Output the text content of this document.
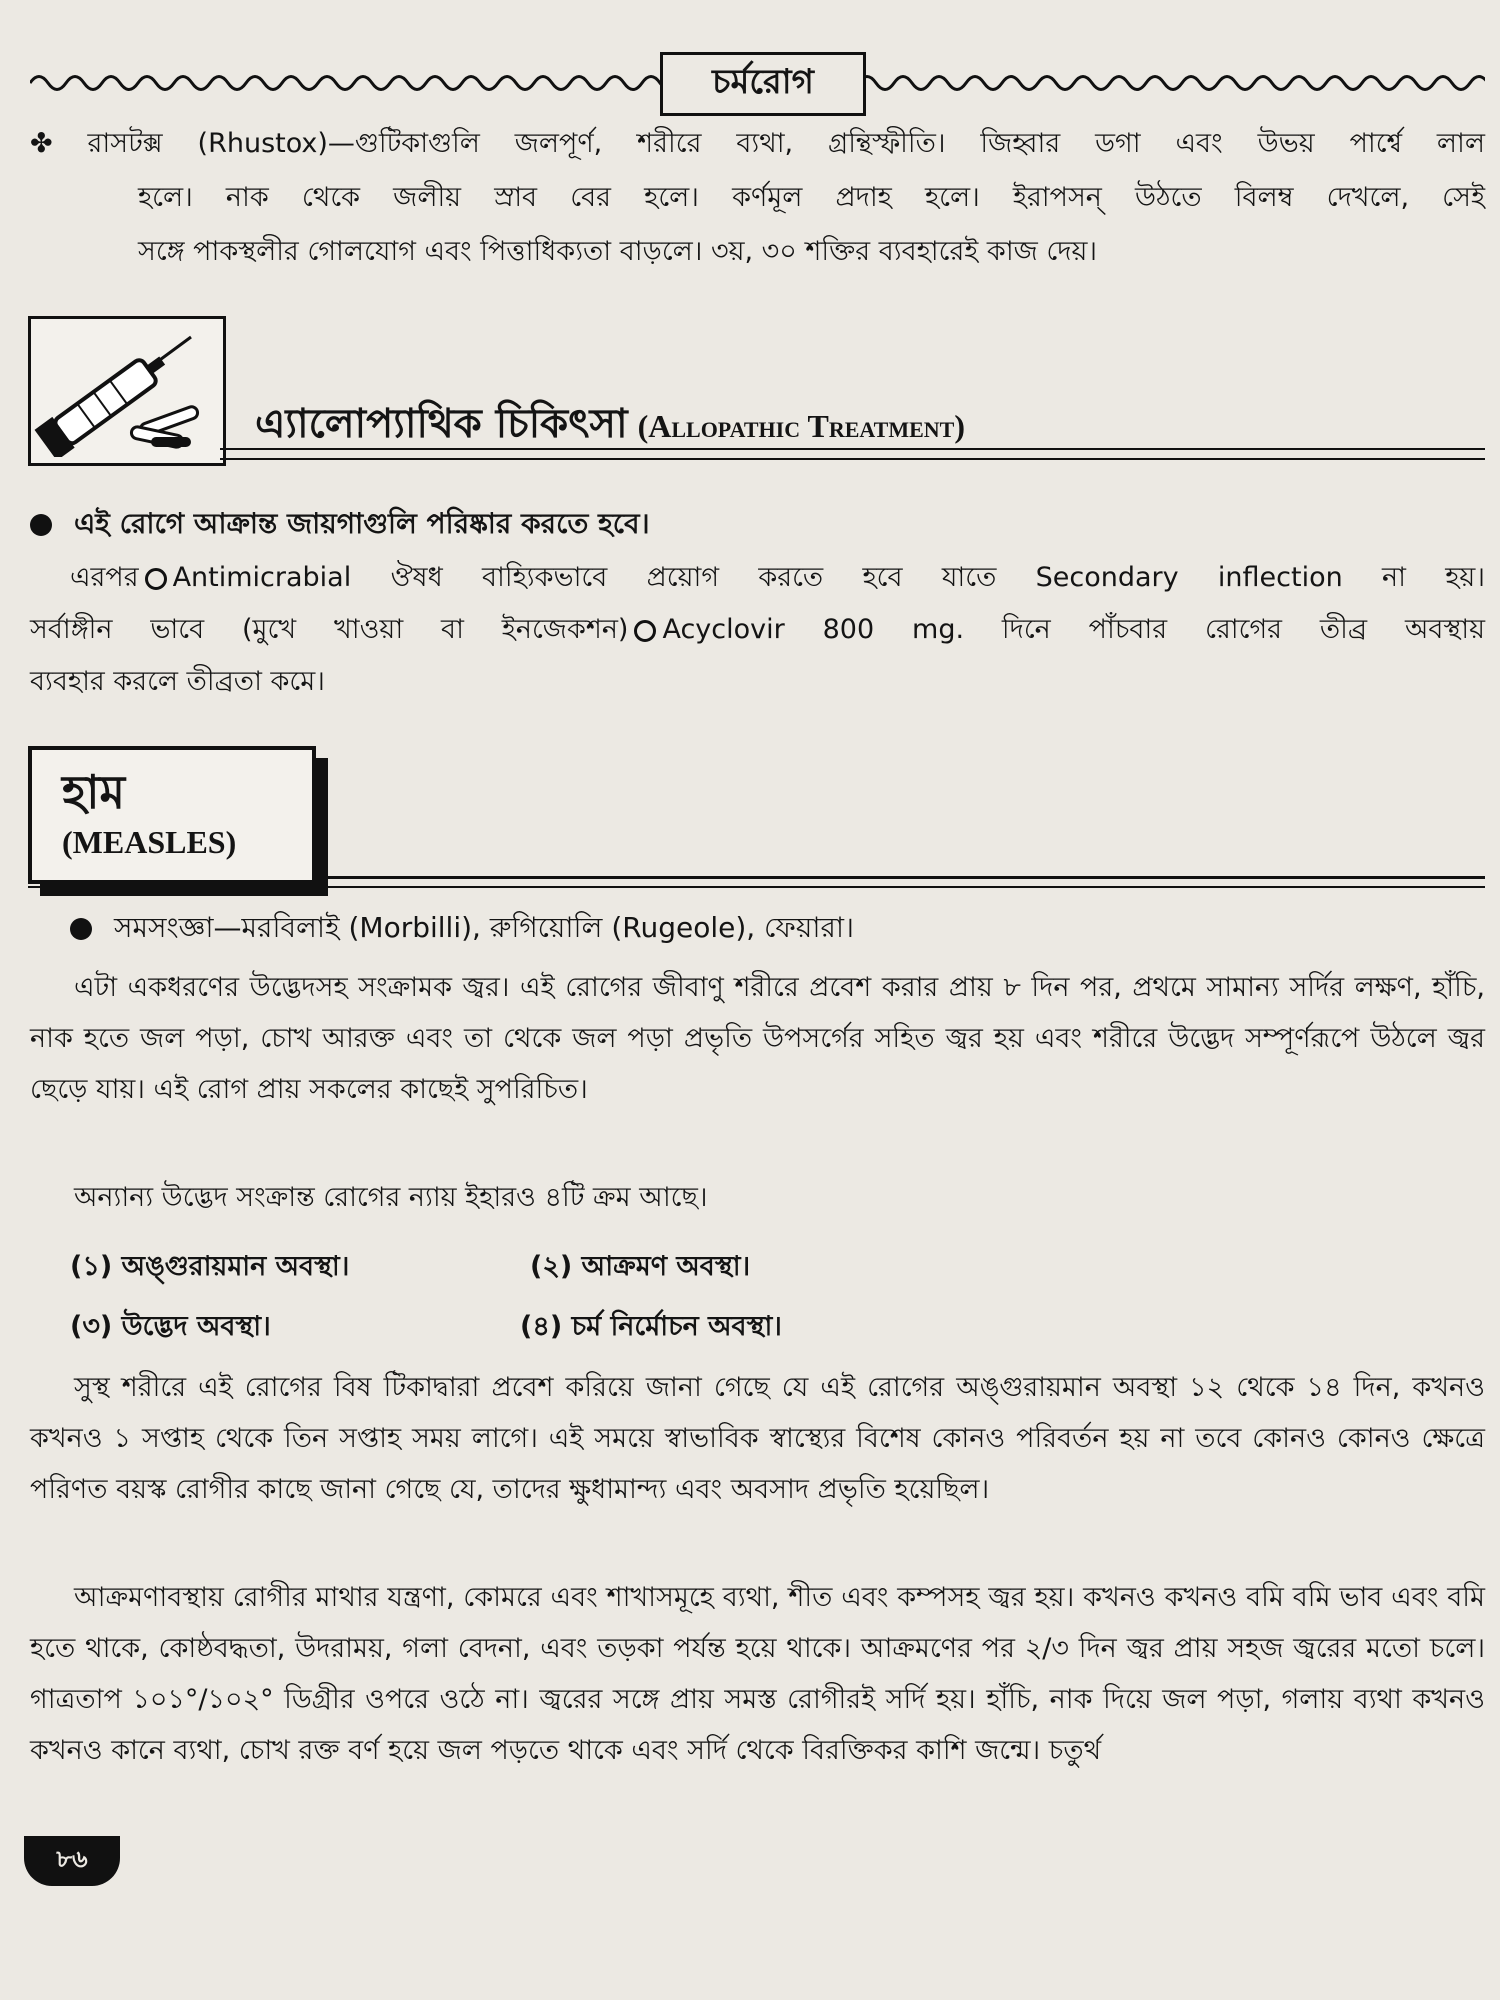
চর্মরোগ
✤ রাসটক্স (Rhustox)—গুটিকাগুলি জলপূর্ণ, শরীরে ব্যথা, গ্রন্থিস্ফীতি। জিহ্বার ডগা এবং উভয় পার্শ্বে লাল
হলে। নাক থেকে জলীয় স্রাব বের হলে। কর্ণমূল প্রদাহ হলে। ইরাপসন্ উঠতে বিলম্ব দেখলে, সেই
সঙ্গে পাকস্থলীর গোলযোগ এবং পিত্তাধিক্যতা বাড়লে। ৩য়, ৩০ শক্তির ব্যবহারেই কাজ দেয়।
এ্যালোপ্যাথিক চিকিৎসা (Allopathic Treatment)
এই রোগে আক্রান্ত জায়গাগুলি পরিষ্কার করতে হবে।
এরপর Antimicrabial ঔষধ বাহ্যিকভাবে প্রয়োগ করতে হবে যাতে Secondary inflection না হয়।
সর্বাঙ্গীন ভাবে (মুখে খাওয়া বা ইনজেকশন) Acyclovir 800 mg. দিনে পাঁচবার রোগের তীব্র অবস্থায়
ব্যবহার করলে তীব্রতা কমে।
হাম
(MEASLES)
সমসংজ্ঞা—মরবিলাই (Morbilli), রুগিয়োলি (Rugeole), ফেয়ারা।
এটা একধরণের উদ্ভেদসহ সংক্রামক জ্বর। এই রোগের জীবাণু শরীরে প্রবেশ করার প্রায় ৮ দিন পর, প্রথমে সামান্য সর্দির লক্ষণ, হাঁচি, নাক হতে জল পড়া, চোখ আরক্ত এবং তা থেকে জল পড়া প্রভৃতি উপসর্গের সহিত জ্বর হয় এবং শরীরে উদ্ভেদ সম্পূর্ণরূপে উঠলে জ্বর ছেড়ে যায়। এই রোগ প্রায় সকলের কাছেই সুপরিচিত।
অন্যান্য উদ্ভেদ সংক্রান্ত রোগের ন্যায় ইহারও ৪টি ক্রম আছে।
(১) অঙ্গুরায়মান অবস্থা।	(২) আক্রমণ অবস্থা।
(৩) উদ্ভেদ অবস্থা।	(৪) চর্ম নির্মোচন অবস্থা।
সুস্থ শরীরে এই রোগের বিষ টিকাদ্বারা প্রবেশ করিয়ে জানা গেছে যে এই রোগের অঙ্গুরায়মান অবস্থা ১২ থেকে ১৪ দিন, কখনও কখনও ১ সপ্তাহ থেকে তিন সপ্তাহ সময় লাগে। এই সময়ে স্বাভাবিক স্বাস্থ্যের বিশেষ কোনও পরিবর্তন হয় না তবে কোনও কোনও ক্ষেত্রে পরিণত বয়স্ক রোগীর কাছে জানা গেছে যে, তাদের ক্ষুধামান্দ্য এবং অবসাদ প্রভৃতি হয়েছিল।
আক্রমণাবস্থায় রোগীর মাথার যন্ত্রণা, কোমরে এবং শাখাসমূহে ব্যথা, শীত এবং কম্পসহ জ্বর হয়। কখনও কখনও বমি বমি ভাব এবং বমি হতে থাকে, কোষ্ঠবদ্ধতা, উদরাময়, গলা বেদনা, এবং তড়কা পর্যন্ত হয়ে থাকে। আক্রমণের পর ২/৩ দিন জ্বর প্রায় সহজ জ্বরের মতো চলে। গাত্রতাপ ১০১°/১০২° ডিগ্রীর ওপরে ওঠে না। জ্বরের সঙ্গে প্রায় সমস্ত রোগীরই সর্দি হয়। হাঁচি, নাক দিয়ে জল পড়া, গলায় ব্যথা কখনও কখনও কানে ব্যথা, চোখ রক্ত বর্ণ হয়ে জল পড়তে থাকে এবং সর্দি থেকে বিরক্তিকর কাশি জন্মে। চতুর্থ
৮৬
